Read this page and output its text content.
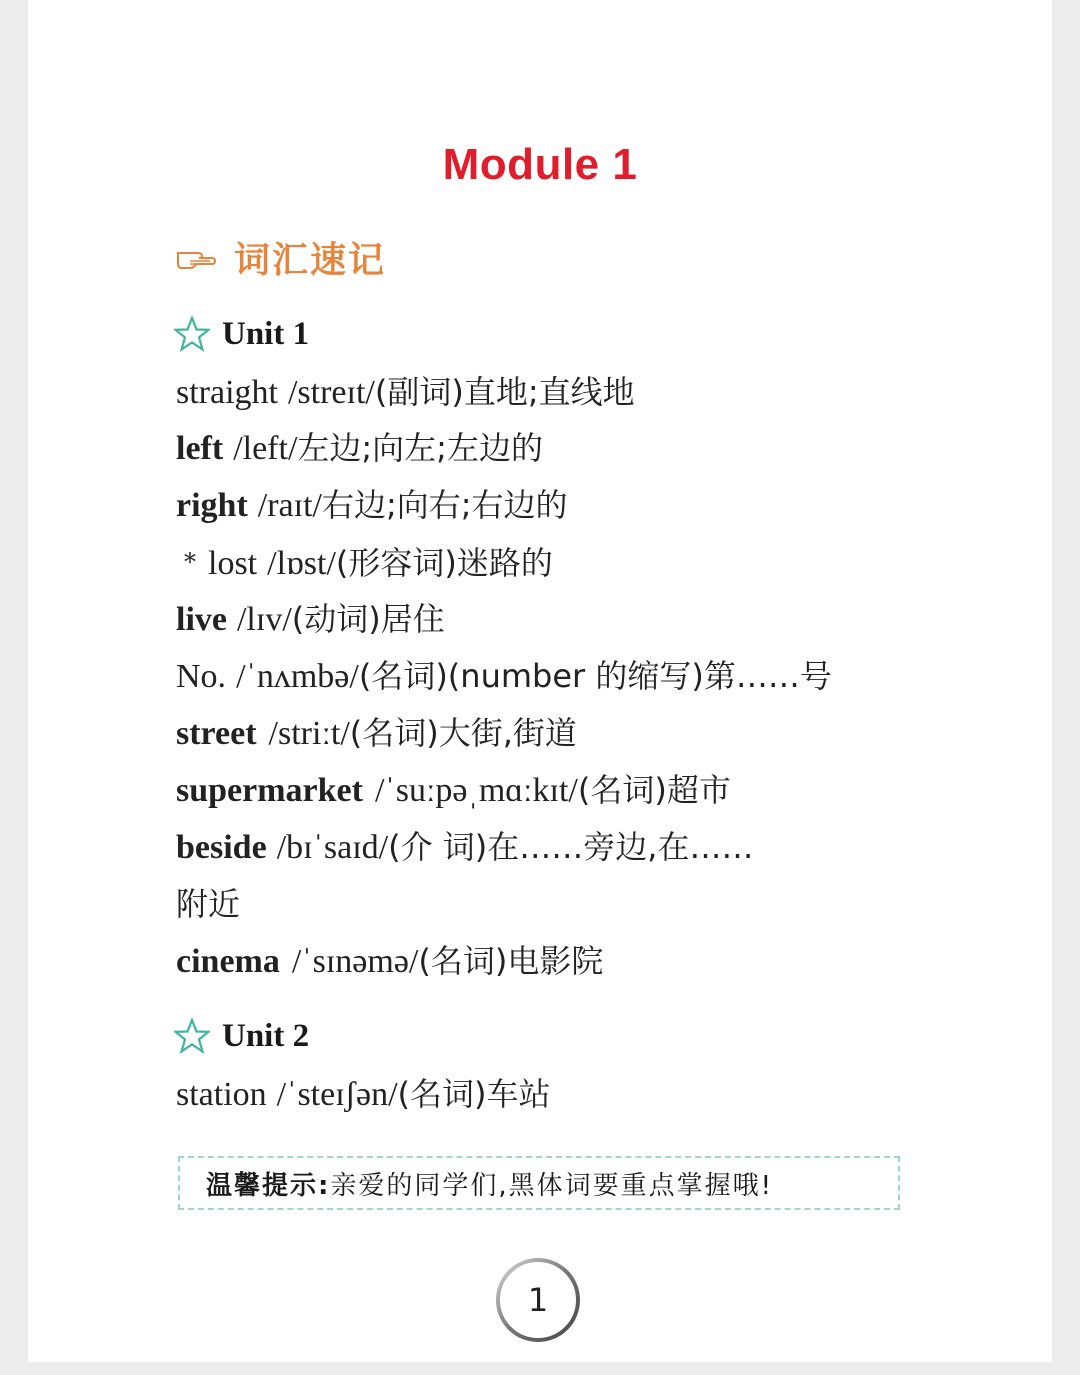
Module 1
词汇速记
Unit 1
straight /streɪt/(副词)直地;直线地
left /left/左边;向左;左边的
right /raɪt/右边;向右;右边的
* lost /lɒst/(形容词)迷路的
live /lɪv/(动词)居住
No. /ˈnʌmbə/(名词)(number 的缩写)第……号
street /striːt/(名词)大街,街道
supermarket /ˈsuːpəˌmɑːkɪt/(名词)超市
beside /bɪˈsaɪd/(介 词)在……旁边,在……
附近
cinema /ˈsɪnəmə/(名词)电影院
Unit 2
station /ˈsteɪʃən/(名词)车站
温馨提示: 亲爱的同学们,黑体词要重点掌握哦!
1
